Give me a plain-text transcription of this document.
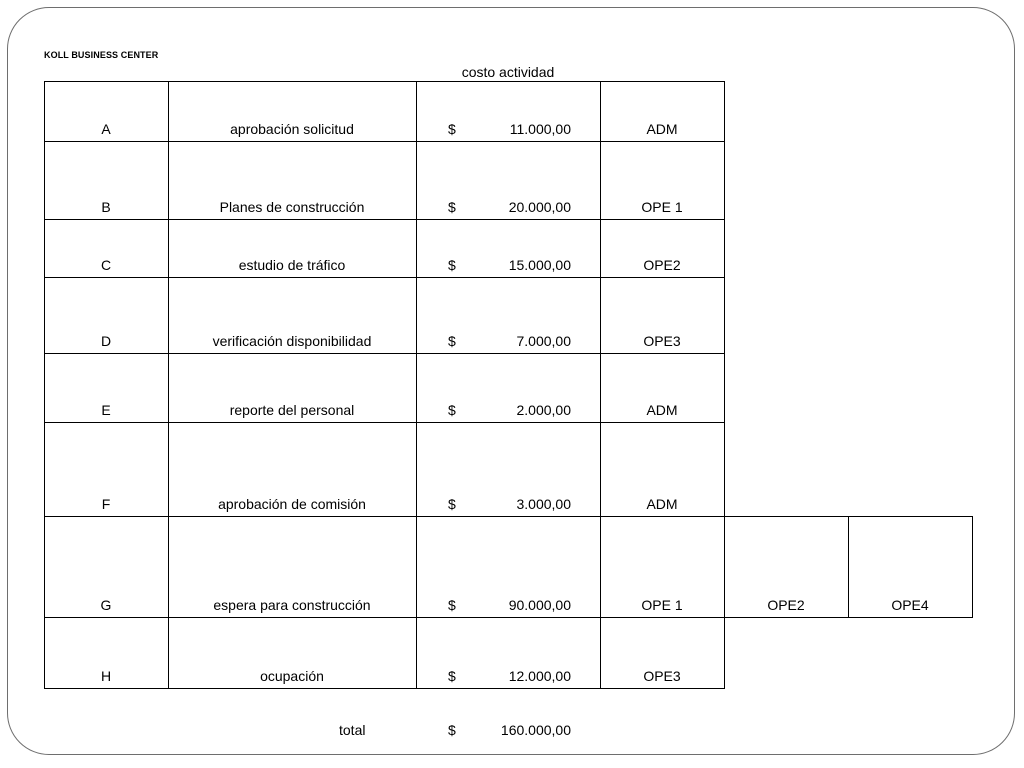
KOLL BUSINESS CENTER
costo actividad
A	aprobación solicitud	$	11.000,00	ADM
B	Planes de construcción	$	20.000,00	OPE 1
C	estudio de tráfico	$	15.000,00	OPE2
D	verificación disponibilidad	$	7.000,00	OPE3
E	reporte del personal	$	2.000,00	ADM
F	aprobación de comisión	$	3.000,00	ADM
G	espera para construcción	$	90.000,00	OPE 1	OPE2	OPE4
H	ocupación	$	12.000,00	OPE3
total	$	160.000,00
